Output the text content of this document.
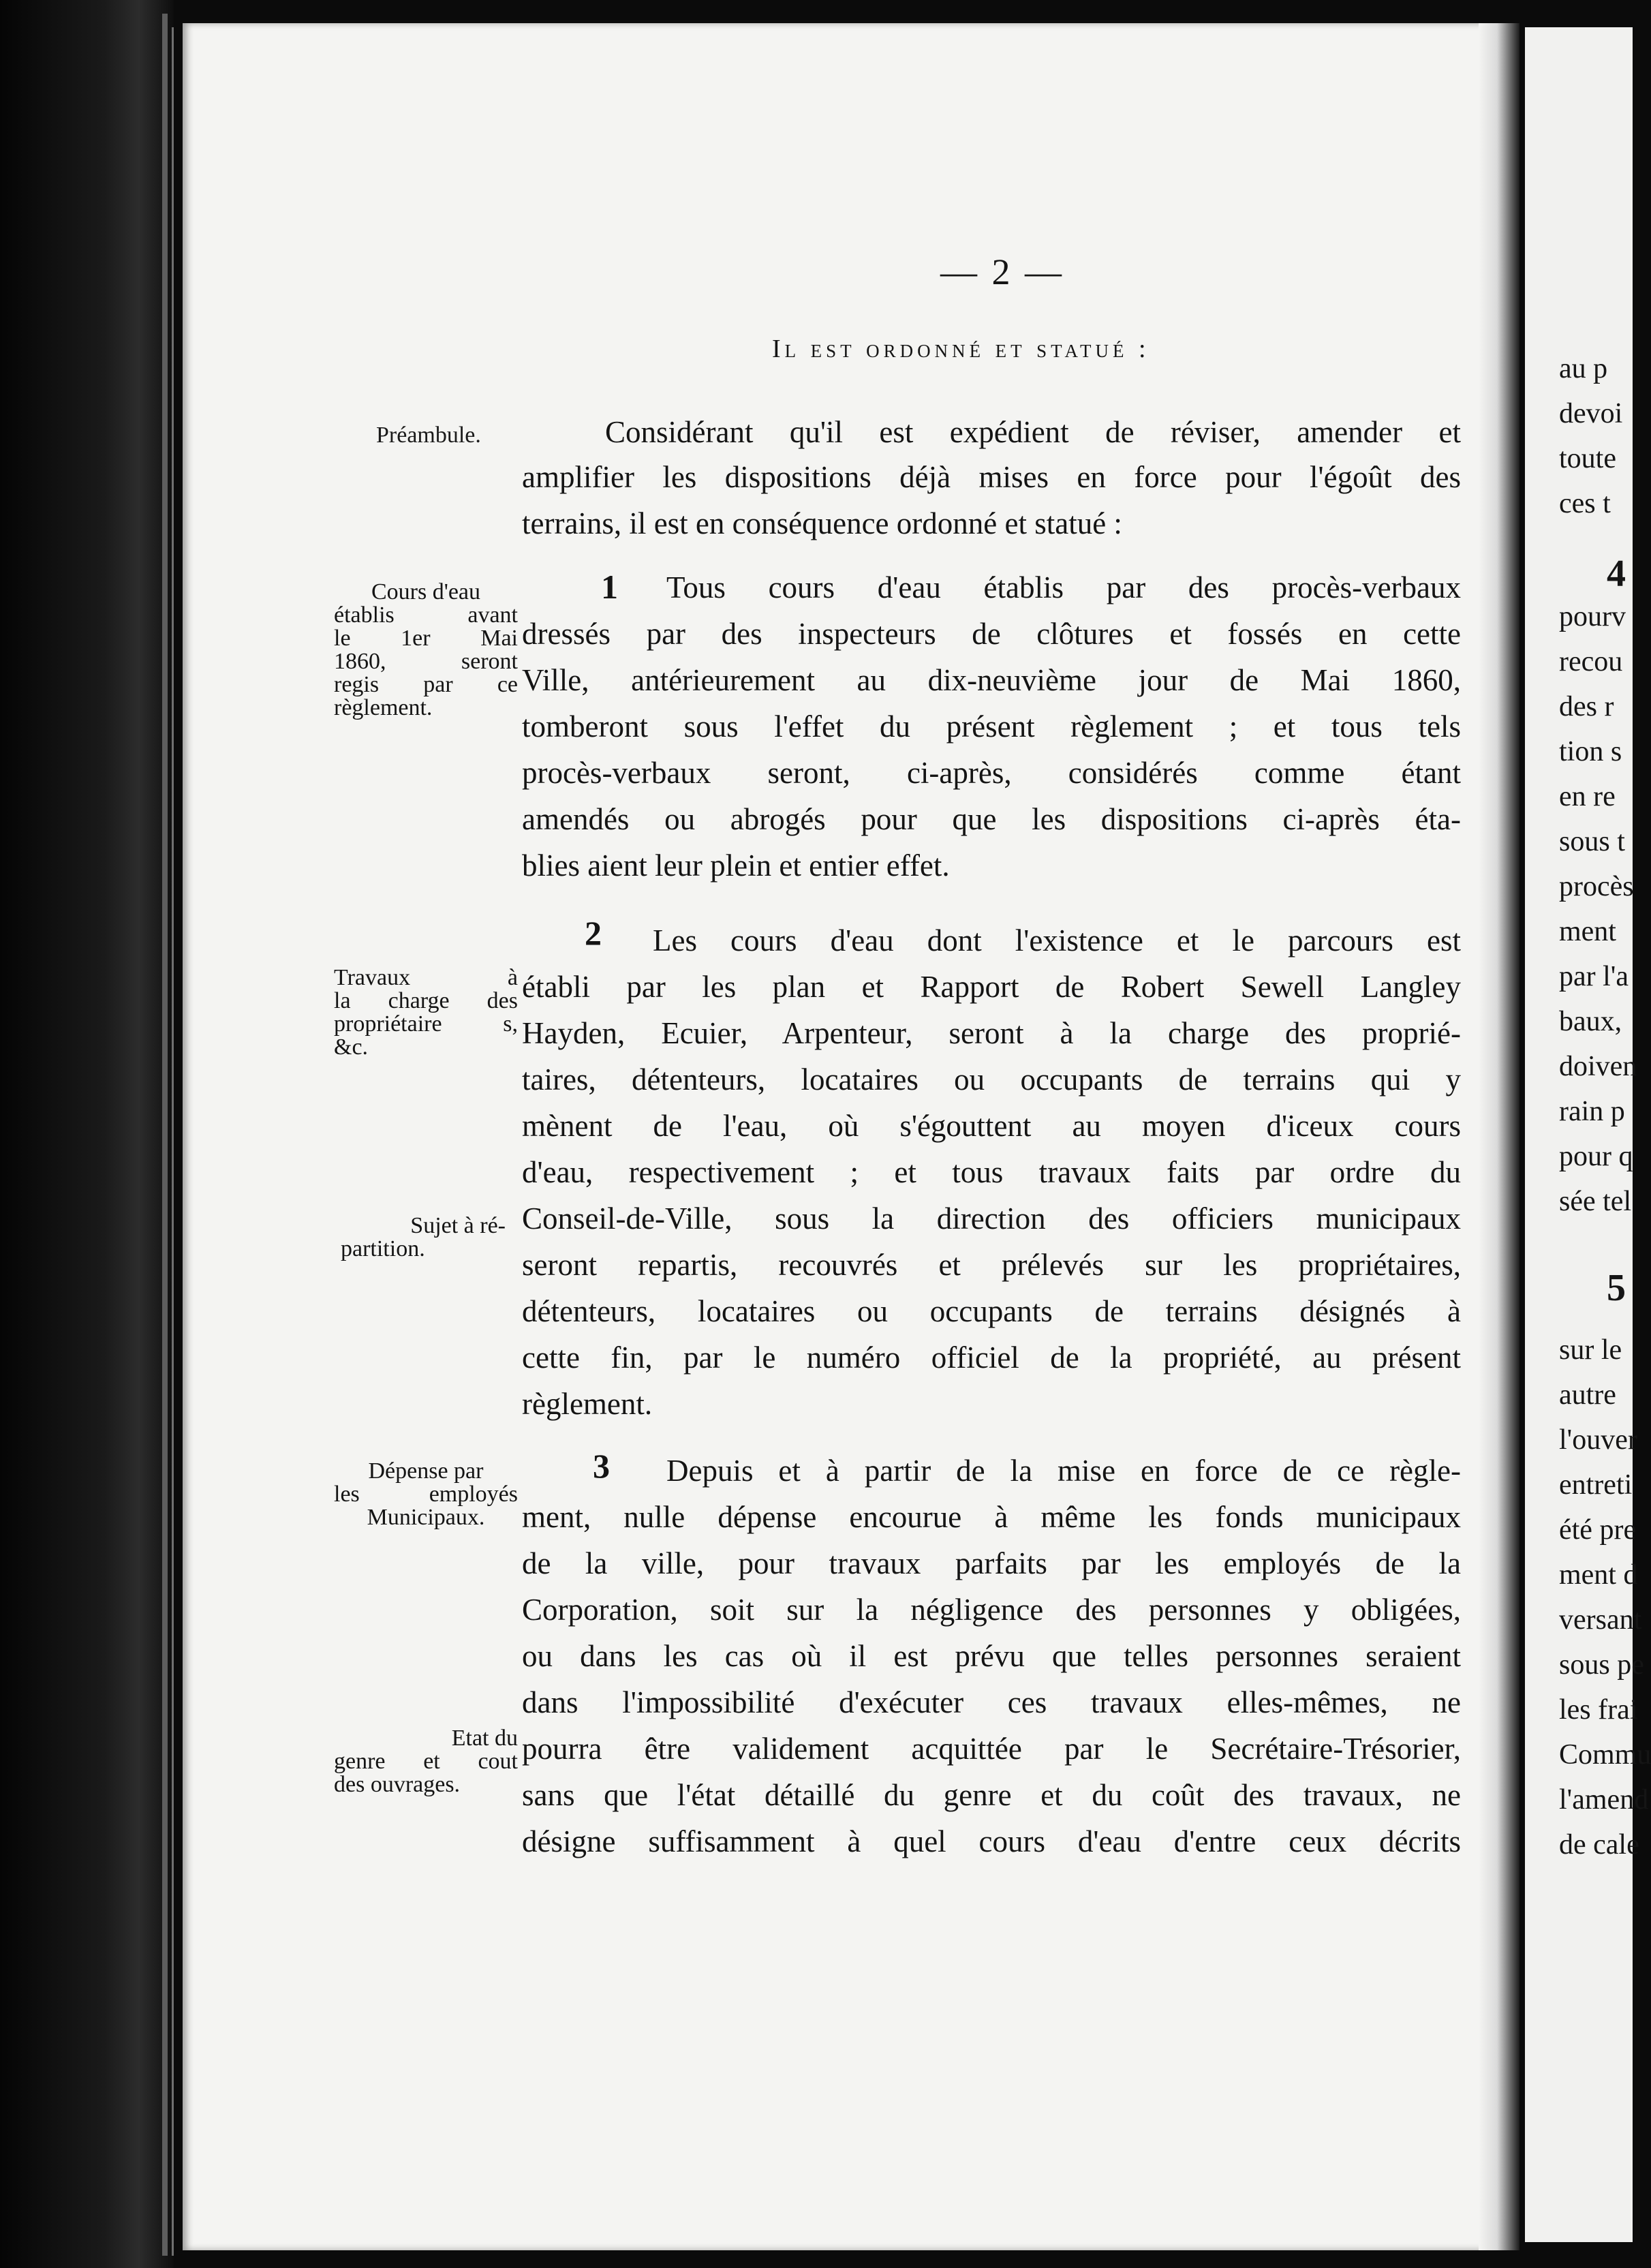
— 2 —
Il est ordonné et statué :
Préambule.	Considérant qu'il est expédient de réviser, amender et
amplifier les dispositions déjà mises en force pour l'égoût des
terrains, il est en conséquence ordonné et statué :
Cours d'eau
établis avant
le 1er Mai
1860, seront
regis par ce
règlement.
1 Tous cours d'eau établis par des procès-verbaux
dressés par des inspecteurs de clôtures et fossés en cette
Ville, antérieurement au dix-neuvième jour de Mai 1860,
tomberont sous l'effet du présent règlement ; et tous tels
procès-verbaux seront, ci-après, considérés comme étant
amendés ou abrogés pour que les dispositions ci-après éta-
blies aient leur plein et entier effet.
Travaux à
la charge des
propriétaire s,
&c.
Sujet à ré-
partition.
2 Les cours d'eau dont l'existence et le parcours est
établi par les plan et Rapport de Robert Sewell Langley
Hayden, Ecuier, Arpenteur, seront à la charge des proprié-
taires, détenteurs, locataires ou occupants de terrains qui y
mènent de l'eau, où s'égouttent au moyen d'iceux cours
d'eau, respectivement ; et tous travaux faits par ordre du
Conseil-de-Ville, sous la direction des officiers municipaux
seront repartis, recouvrés et prélevés sur les propriétaires,
détenteurs, locataires ou occupants de terrains désignés à
cette fin, par le numéro officiel de la propriété, au présent
règlement.
Dépense par
les employés
Municipaux.
Etat du
genre et cout
des ouvrages.
3 Depuis et à partir de la mise en force de ce règle-
ment, nulle dépense encourue à même les fonds municipaux
de la ville, pour travaux parfaits par les employés de la
Corporation, soit sur la négligence des personnes y obligées,
ou dans les cas où il est prévu que telles personnes seraient
dans l'impossibilité d'exécuter ces travaux elles-mêmes, ne
pourra être validement acquittée par le Secrétaire-Trésorier,
sans que l'état détaillé du genre et du coût des travaux, ne
désigne suffisamment à quel cours d'eau d'entre ceux décrits
au p
devoi
toute
ces t
4
pourv
recou
des r
tion s
en re
sous t
procès
ment
par l'a
baux,
doiven
rain p
pour q
sée tel
5
sur le
autre
l'ouver
entreti
été pre
ment d
versant
sous pe
les frai
Commu
l'amend
de cale
